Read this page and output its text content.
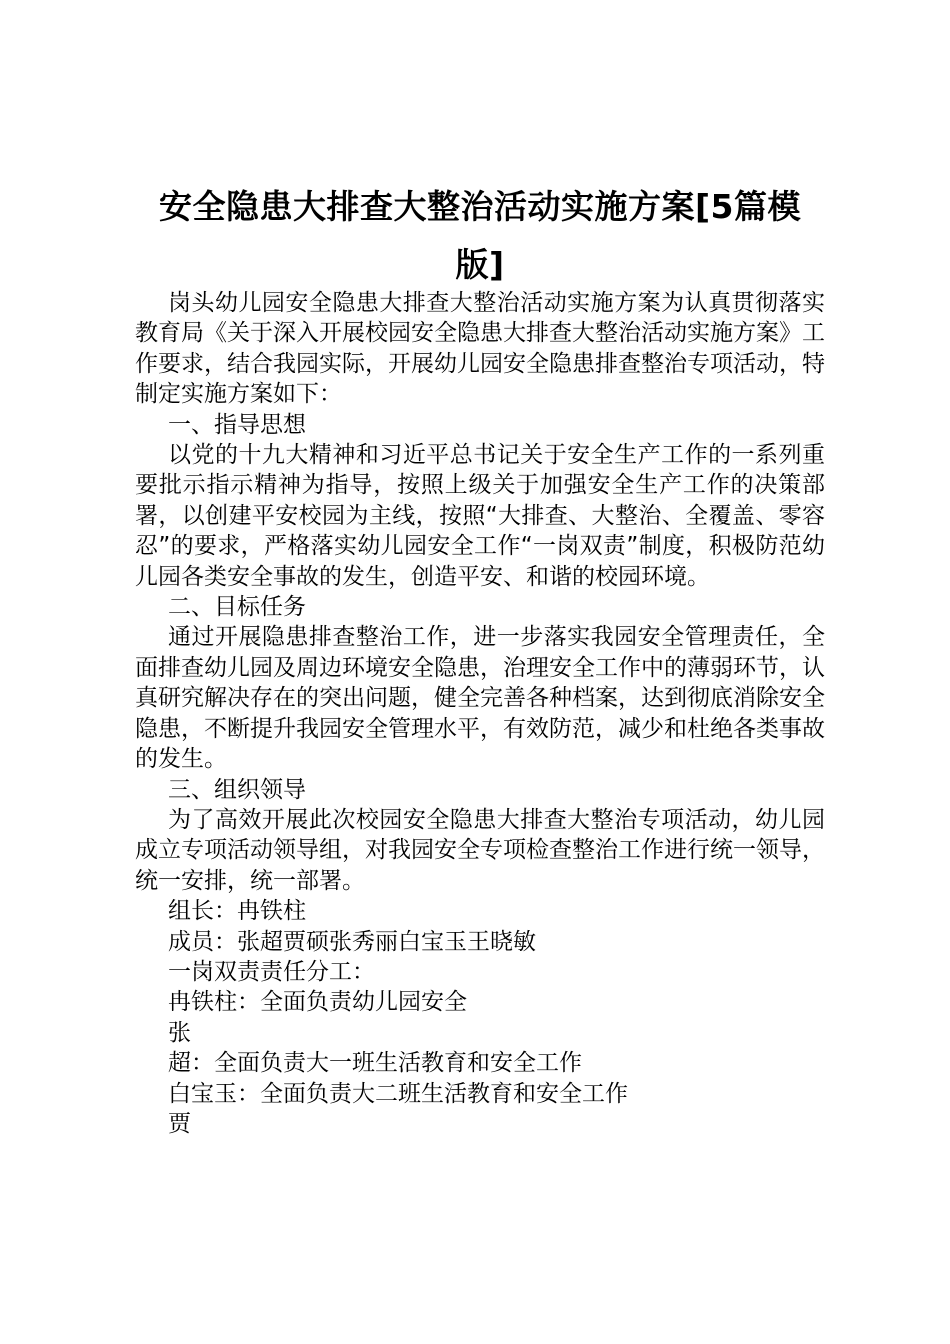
安全隐患大排查大整治活动实施方案[5篇模版]

岗头幼儿园安全隐患大排查大整治活动实施方案为认真贯彻落实教育局《关于深入开展校园安全隐患大排查大整治活动实施方案》工作要求，结合我园实际，开展幼儿园安全隐患排查整治专项活动，特制定实施方案如下：

一、指导思想

以党的十九大精神和习近平总书记关于安全生产工作的一系列重要批示指示精神为指导，按照上级关于加强安全生产工作的决策部署，以创建平安校园为主线，按照“大排查、大整治、全覆盖、零容忍”的要求，严格落实幼儿园安全工作“一岗双责”制度，积极防范幼儿园各类安全事故的发生，创造平安、和谐的校园环境。

二、目标任务

通过开展隐患排查整治工作，进一步落实我园安全管理责任，全面排查幼儿园及周边环境安全隐患，治理安全工作中的薄弱环节，认真研究解决存在的突出问题，健全完善各种档案，达到彻底消除安全隐患，不断提升我园安全管理水平，有效防范，减少和杜绝各类事故的发生。

三、组织领导

为了高效开展此次校园安全隐患大排查大整治专项活动，幼儿园成立专项活动领导组，对我园安全专项检查整治工作进行统一领导，统一安排，统一部署。

组长：冉铁柱

成员：张超贾硕张秀丽白宝玉王晓敏

一岗双责责任分工：

冉铁柱：全面负责幼儿园安全

张

超：全面负责大一班生活教育和安全工作

白宝玉：全面负责大二班生活教育和安全工作

贾
